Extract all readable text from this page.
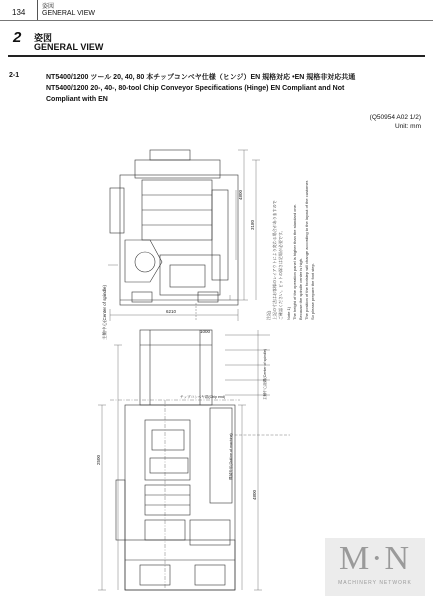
134
姿図
GENERAL VIEW
2 姿図
GENERAL VIEW
2-1	NT5400/1200 ツール 20, 40, 80 本チップコンベヤ仕様（ヒンジ）EN 規格対応 •EN 規格非対応共通
NT5400/1200 20-, 40-, 80-tool Chip Conveyor Specifications (Hinge) EN Compliant and Not
Compliant with EN
(Q50954 A02 1/2)
Unit: mm
4800
3180
6210
主軸中心(Center of spindle)	注記) 上記の寸法はお客様のレイアウトにより変わる場合がありますので ご確認ください。ピットの深さは足場が必要です。 Note 1) The height of the operation panel is higher than the standard one. Because the spindle center is high. The position of the footstep will change according to the layout of the customer. So please prepare the foot step.
2500
4800
1000
機械外形(Outline of machine)
チップコンベヤ端(Chip end)	主軸中心距離(Center of spindle)
M·N
MACHINERY NETWORK
